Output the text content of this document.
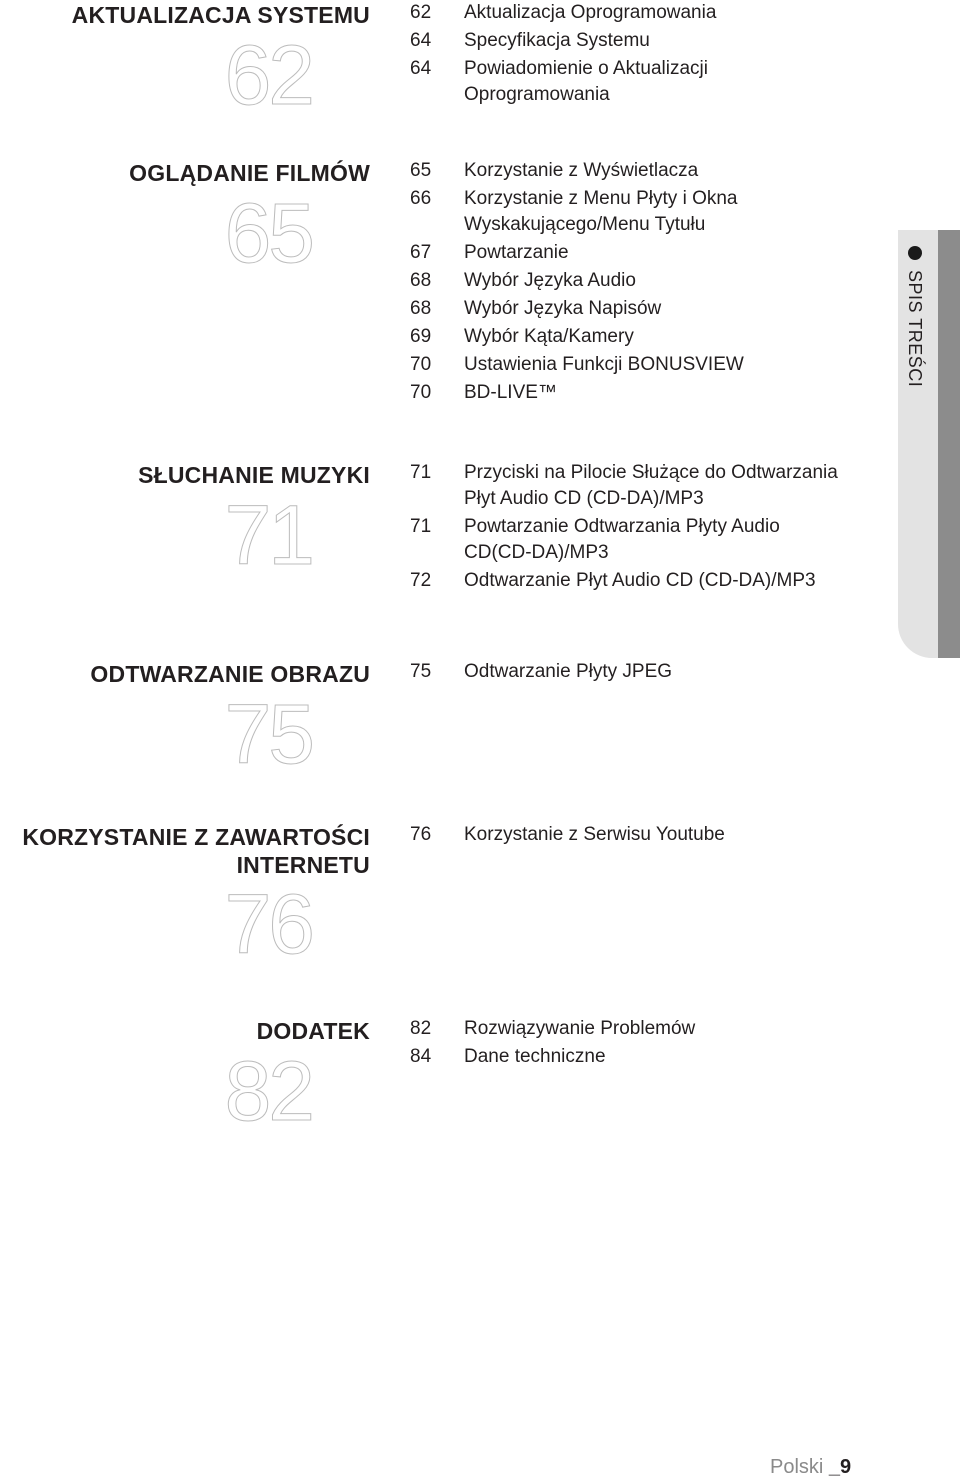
AKTUALIZACJA SYSTEMU
62
62	Aktualizacja Oprogramowania
64	Specyfikacja Systemu
64	Powiadomienie o Aktualizacji Oprogramowania
OGLĄDANIE FILMÓW
65
65	Korzystanie z Wyświetlacza
66	Korzystanie z Menu Płyty i Okna Wyskakującego/Menu Tytułu
67	Powtarzanie
68	Wybór Języka Audio
68	Wybór Języka Napisów
69	Wybór Kąta/Kamery
70	Ustawienia Funkcji BONUSVIEW
70	BD-LIVE™
SŁUCHANIE MUZYKI
71
71	Przyciski na Pilocie Służące do Odtwarzania Płyt Audio CD (CD-DA)/MP3
71	Powtarzanie Odtwarzania Płyty Audio CD(CD-DA)/MP3
72	Odtwarzanie Płyt Audio CD (CD-DA)/MP3
ODTWARZANIE OBRAZU
75
75	Odtwarzanie Płyty JPEG
KORZYSTANIE Z ZAWARTOŚCI
INTERNETU
76
76	Korzystanie z Serwisu Youtube
DODATEK
82
82	Rozwiązywanie Problemów
84	Dane techniczne
SPIS TREŚCI
Polski _9
